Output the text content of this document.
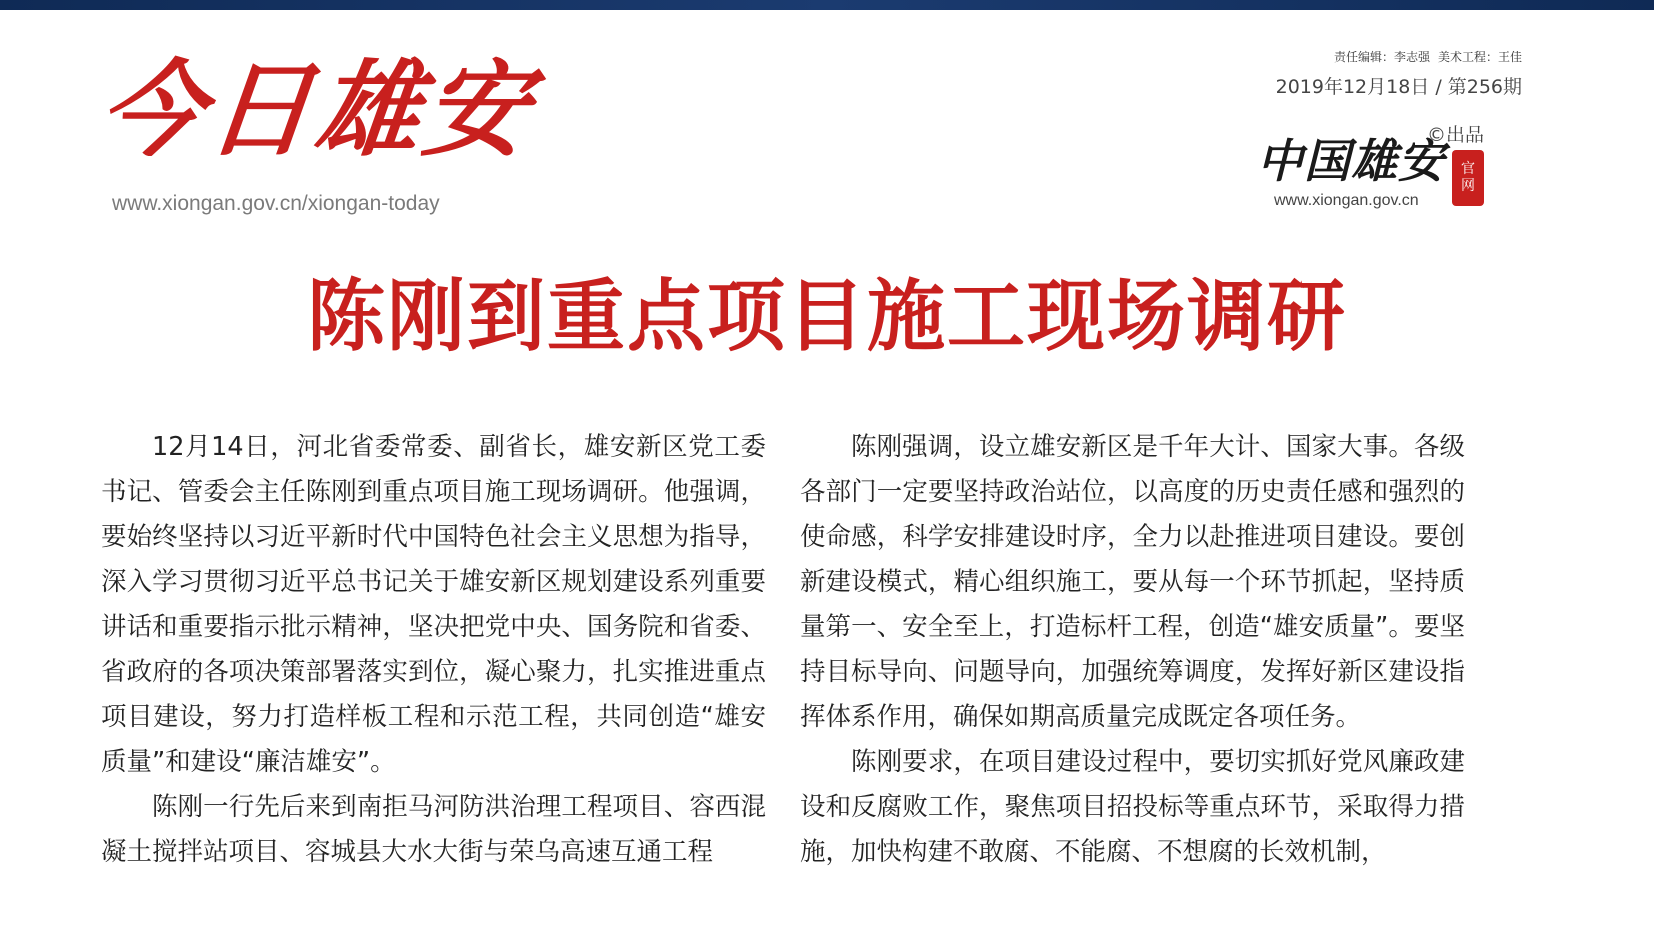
今日雄安
www.xiongan.gov.cn/xiongan-today
责任编辑：李志强 美术工程：王佳
2019年12月18日 / 第256期
©出品
中国雄安 官
网
www.xiongan.gov.cn
陈刚到重点项目施工现场调研

12月14日，河北省委常委、副省长，雄安新区党工委书记、管委会主任陈刚到重点项目施工现场调研。他强调，要始终坚持以习近平新时代中国特色社会主义思想为指导，深入学习贯彻习近平总书记关于雄安新区规划建设系列重要讲话和重要指示批示精神，坚决把党中央、国务院和省委、省政府的各项决策部署落实到位，凝心聚力，扎实推进重点项目建设，努力打造样板工程和示范工程，共同创造“雄安质量”和建设“廉洁雄安”。

陈刚一行先后来到南拒马河防洪治理工程项目、容西混凝土搅拌站项目、容城县大水大街与荣乌高速互通工程

陈刚强调，设立雄安新区是千年大计、国家大事。各级各部门一定要坚持政治站位，以高度的历史责任感和强烈的使命感，科学安排建设时序，全力以赴推进项目建设。要创新建设模式，精心组织施工，要从每一个环节抓起，坚持质量第一、安全至上，打造标杆工程，创造“雄安质量”。要坚持目标导向、问题导向，加强统筹调度，发挥好新区建设指挥体系作用，确保如期高质量完成既定各项任务。

陈刚要求，在项目建设过程中，要切实抓好党风廉政建设和反腐败工作，聚焦项目招投标等重点环节，采取得力措施，加快构建不敢腐、不能腐、不想腐的长效机制，
